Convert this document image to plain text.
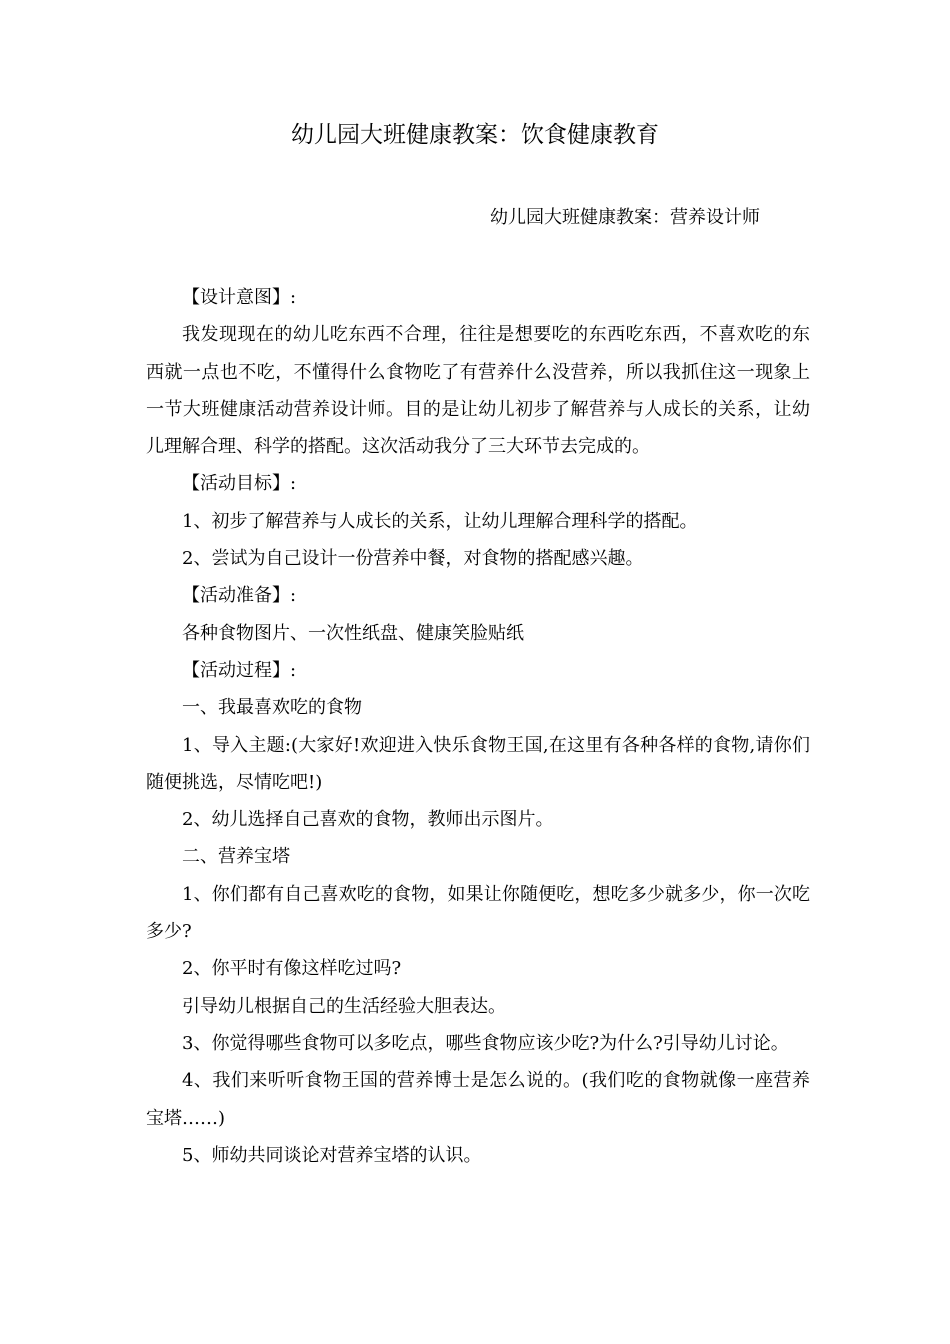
幼儿园大班健康教案：饮食健康教育
幼儿园大班健康教案：营养设计师

【设计意图】:

我发现现在的幼儿吃东西不合理，往往是想要吃的东西吃东西，不喜欢吃的东西就一点也不吃，不懂得什么食物吃了有营养什么没营养，所以我抓住这一现象上一节大班健康活动营养设计师。目的是让幼儿初步了解营养与人成长的关系，让幼儿理解合理、科学的搭配。这次活动我分了三大环节去完成的。

【活动目标】:

1、初步了解营养与人成长的关系，让幼儿理解合理科学的搭配。

2、尝试为自己设计一份营养中餐，对食物的搭配感兴趣。

【活动准备】:

各种食物图片、一次性纸盘、健康笑脸贴纸

【活动过程】:

一、我最喜欢吃的食物

1、导入主题:(大家好!欢迎进入快乐食物王国,在这里有各种各样的食物,请你们随便挑选，尽情吃吧!)

2、幼儿选择自己喜欢的食物，教师出示图片。

二、营养宝塔

1、你们都有自己喜欢吃的食物，如果让你随便吃，想吃多少就多少，你一次吃多少?

2、你平时有像这样吃过吗?

引导幼儿根据自己的生活经验大胆表达。

3、你觉得哪些食物可以多吃点，哪些食物应该少吃?为什么?引导幼儿讨论。

4、我们来听听食物王国的营养博士是怎么说的。(我们吃的食物就像一座营养宝塔……)

5、师幼共同谈论对营养宝塔的认识。
